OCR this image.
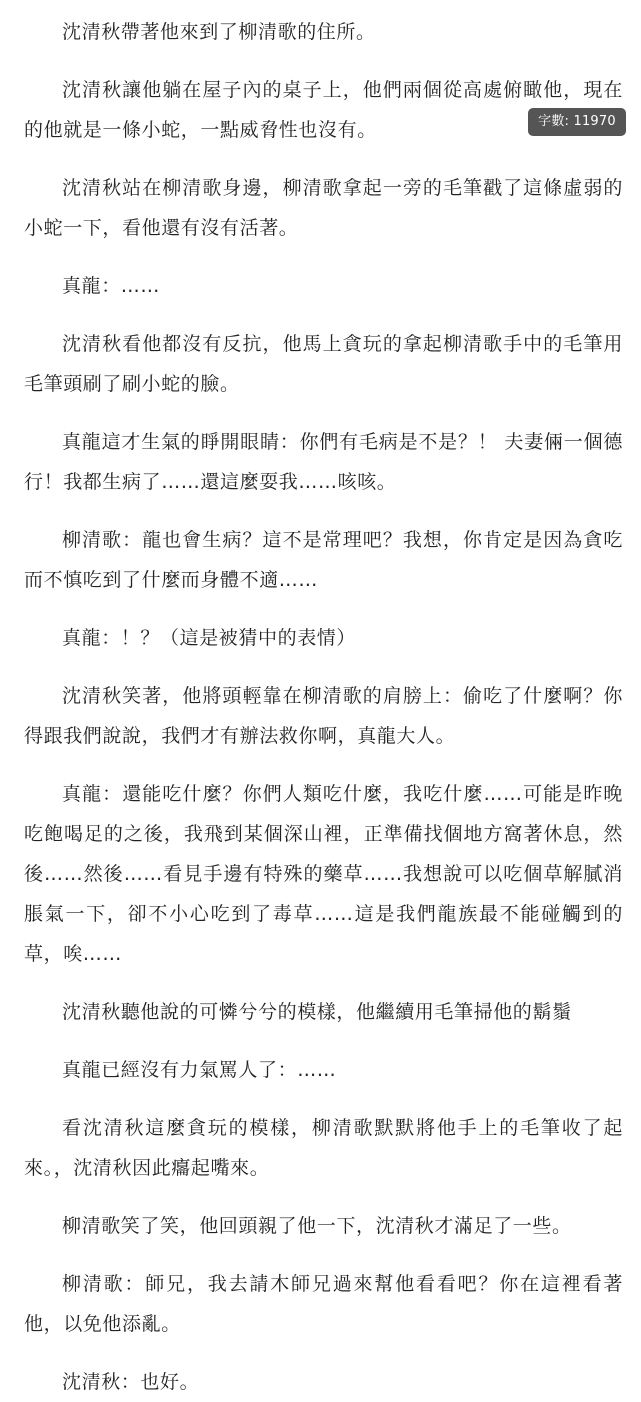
沈清秋帶著他來到了柳清歌的住所。

沈清秋讓他躺在屋子內的桌子上，他們兩個從高處俯瞰他，現在的他就是一條小蛇，一點威脅性也沒有。

沈清秋站在柳清歌身邊，柳清歌拿起一旁的毛筆戳了這條虛弱的小蛇一下，看他還有沒有活著。

真龍：……

沈清秋看他都沒有反抗，他馬上貪玩的拿起柳清歌手中的毛筆用毛筆頭刷了刷小蛇的臉。

真龍這才生氣的睜開眼睛：你們有毛病是不是？！ 夫妻倆一個德行！我都生病了……還這麼耍我……咳咳。

柳清歌：龍也會生病？這不是常理吧？我想，你肯定是因為貪吃而不慎吃到了什麼而身體不適……

真龍：！？（這是被猜中的表情）

沈清秋笑著，他將頭輕靠在柳清歌的肩膀上：偷吃了什麼啊？你得跟我們說說，我們才有辦法救你啊，真龍大人。

真龍：還能吃什麼？你們人類吃什麼，我吃什麼……可能是昨晚吃飽喝足的之後，我飛到某個深山裡，正準備找個地方窩著休息，然後……然後……看見手邊有特殊的藥草……我想說可以吃個草解膩消脹氣一下，卻不小心吃到了毒草……這是我們龍族最不能碰觸到的草，唉……

沈清秋聽他說的可憐兮兮的模樣，他繼續用毛筆掃他的鬍鬚

真龍已經沒有力氣罵人了：……

看沈清秋這麼貪玩的模樣，柳清歌默默將他手上的毛筆收了起來。，沈清秋因此癟起嘴來。

柳清歌笑了笑，他回頭親了他一下，沈清秋才滿足了一些。

柳清歌：師兄，我去請木師兄過來幫他看看吧？你在這裡看著他，以免他添亂。

沈清秋：也好。

字數: 11970
